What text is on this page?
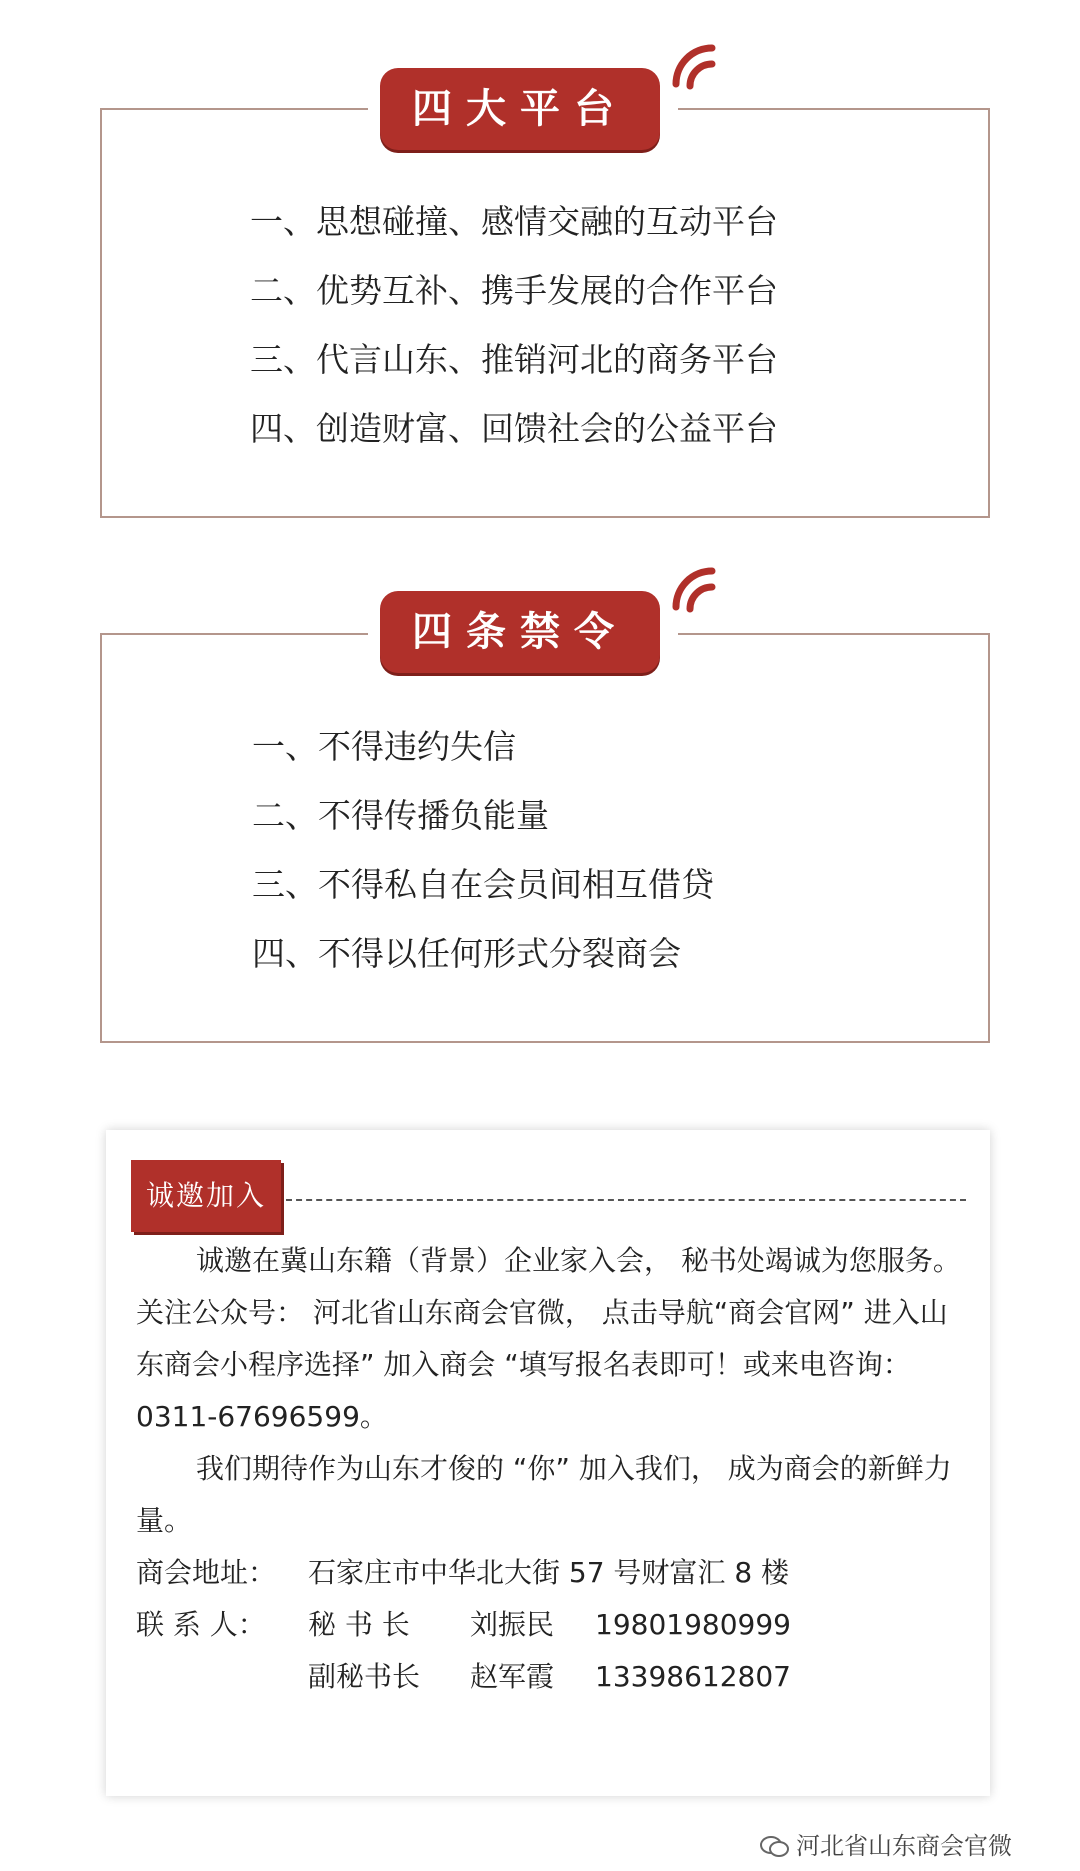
四大平台
一、思想碰撞、感情交融的互动平台
二、优势互补、携手发展的合作平台
三、代言山东、推销河北的商务平台
四、创造财富、回馈社会的公益平台
四条禁令
一、不得违约失信
二、不得传播负能量
三、不得私自在会员间相互借贷
四、不得以任何形式分裂商会
诚邀加入

诚邀在冀山东籍（背景）企业家入会， 秘书处竭诚为您服务。关注公众号： 河北省山东商会官微， 点击导航“商会官网” 进入山东商会小程序选择” 加入商会 “填写报名表即可！或来电咨询： 0311-67696599。

我们期待作为山东才俊的 “你” 加入我们， 成为商会的新鲜力量。

商会地址： 石家庄市中华北大街 57 号财富汇 8 楼

联 系 人： 秘 书 长 刘振民 19801980999

副秘书长 赵军霞 13398612807

河北省山东商会官微
